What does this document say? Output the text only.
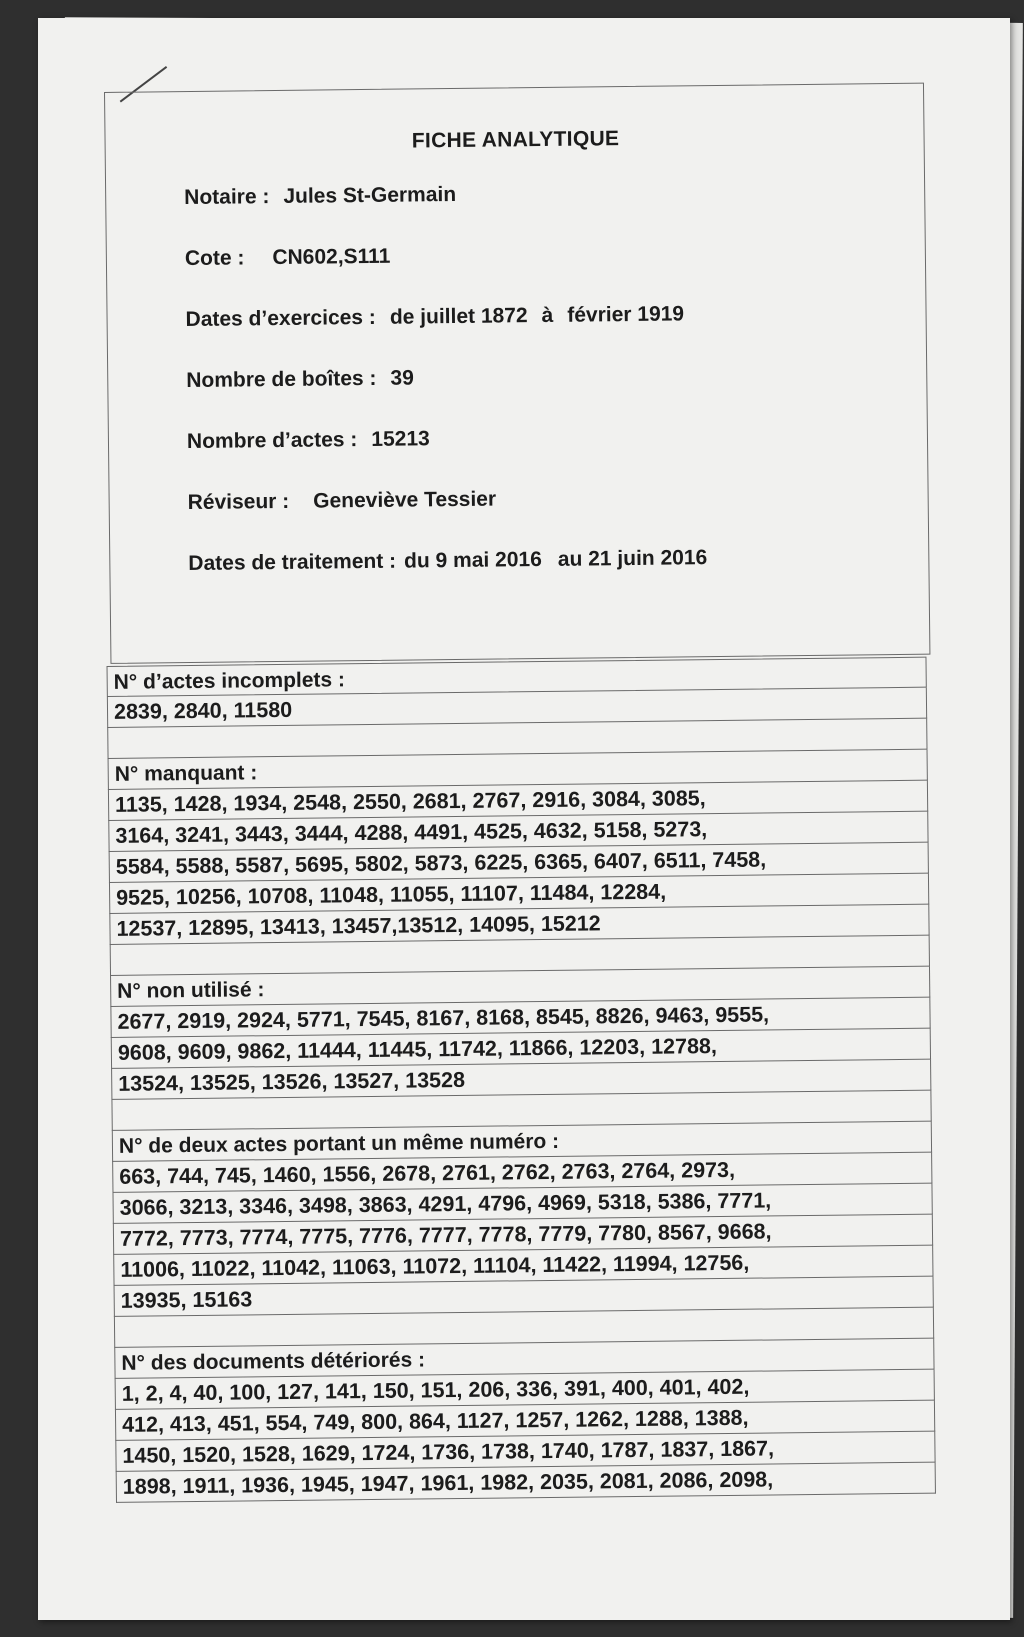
FICHE ANALYTIQUE
Notaire : Jules St-Germain
Cote : CN602,S111
Dates d’exercices : de juillet 1872 à février 1919
Nombre de boîtes : 39
Nombre d’actes : 15213
Réviseur : Geneviève Tessier
Dates de traitement : du 9 mai 2016 au 21 juin 2016
N° d’actes incomplets :
2839, 2840, 11580
N° manquant :
1135, 1428, 1934, 2548, 2550, 2681, 2767, 2916, 3084, 3085,
3164, 3241, 3443, 3444, 4288, 4491, 4525, 4632, 5158, 5273,
5584, 5588, 5587, 5695, 5802, 5873, 6225, 6365, 6407, 6511, 7458,
9525, 10256, 10708, 11048, 11055, 11107, 11484, 12284,
12537, 12895, 13413, 13457,13512, 14095, 15212
N° non utilisé :
2677, 2919, 2924, 5771, 7545, 8167, 8168, 8545, 8826, 9463, 9555,
9608, 9609, 9862, 11444, 11445, 11742, 11866, 12203, 12788,
13524, 13525, 13526, 13527, 13528
N° de deux actes portant un même numéro :
663, 744, 745, 1460, 1556, 2678, 2761, 2762, 2763, 2764, 2973,
3066, 3213, 3346, 3498, 3863, 4291, 4796, 4969, 5318, 5386, 7771,
7772, 7773, 7774, 7775, 7776, 7777, 7778, 7779, 7780, 8567, 9668,
11006, 11022, 11042, 11063, 11072, 11104, 11422, 11994, 12756,
13935, 15163
N° des documents détériorés :
1, 2, 4, 40, 100, 127, 141, 150, 151, 206, 336, 391, 400, 401, 402,
412, 413, 451, 554, 749, 800, 864, 1127, 1257, 1262, 1288, 1388,
1450, 1520, 1528, 1629, 1724, 1736, 1738, 1740, 1787, 1837, 1867,
1898, 1911, 1936, 1945, 1947, 1961, 1982, 2035, 2081, 2086, 2098,
